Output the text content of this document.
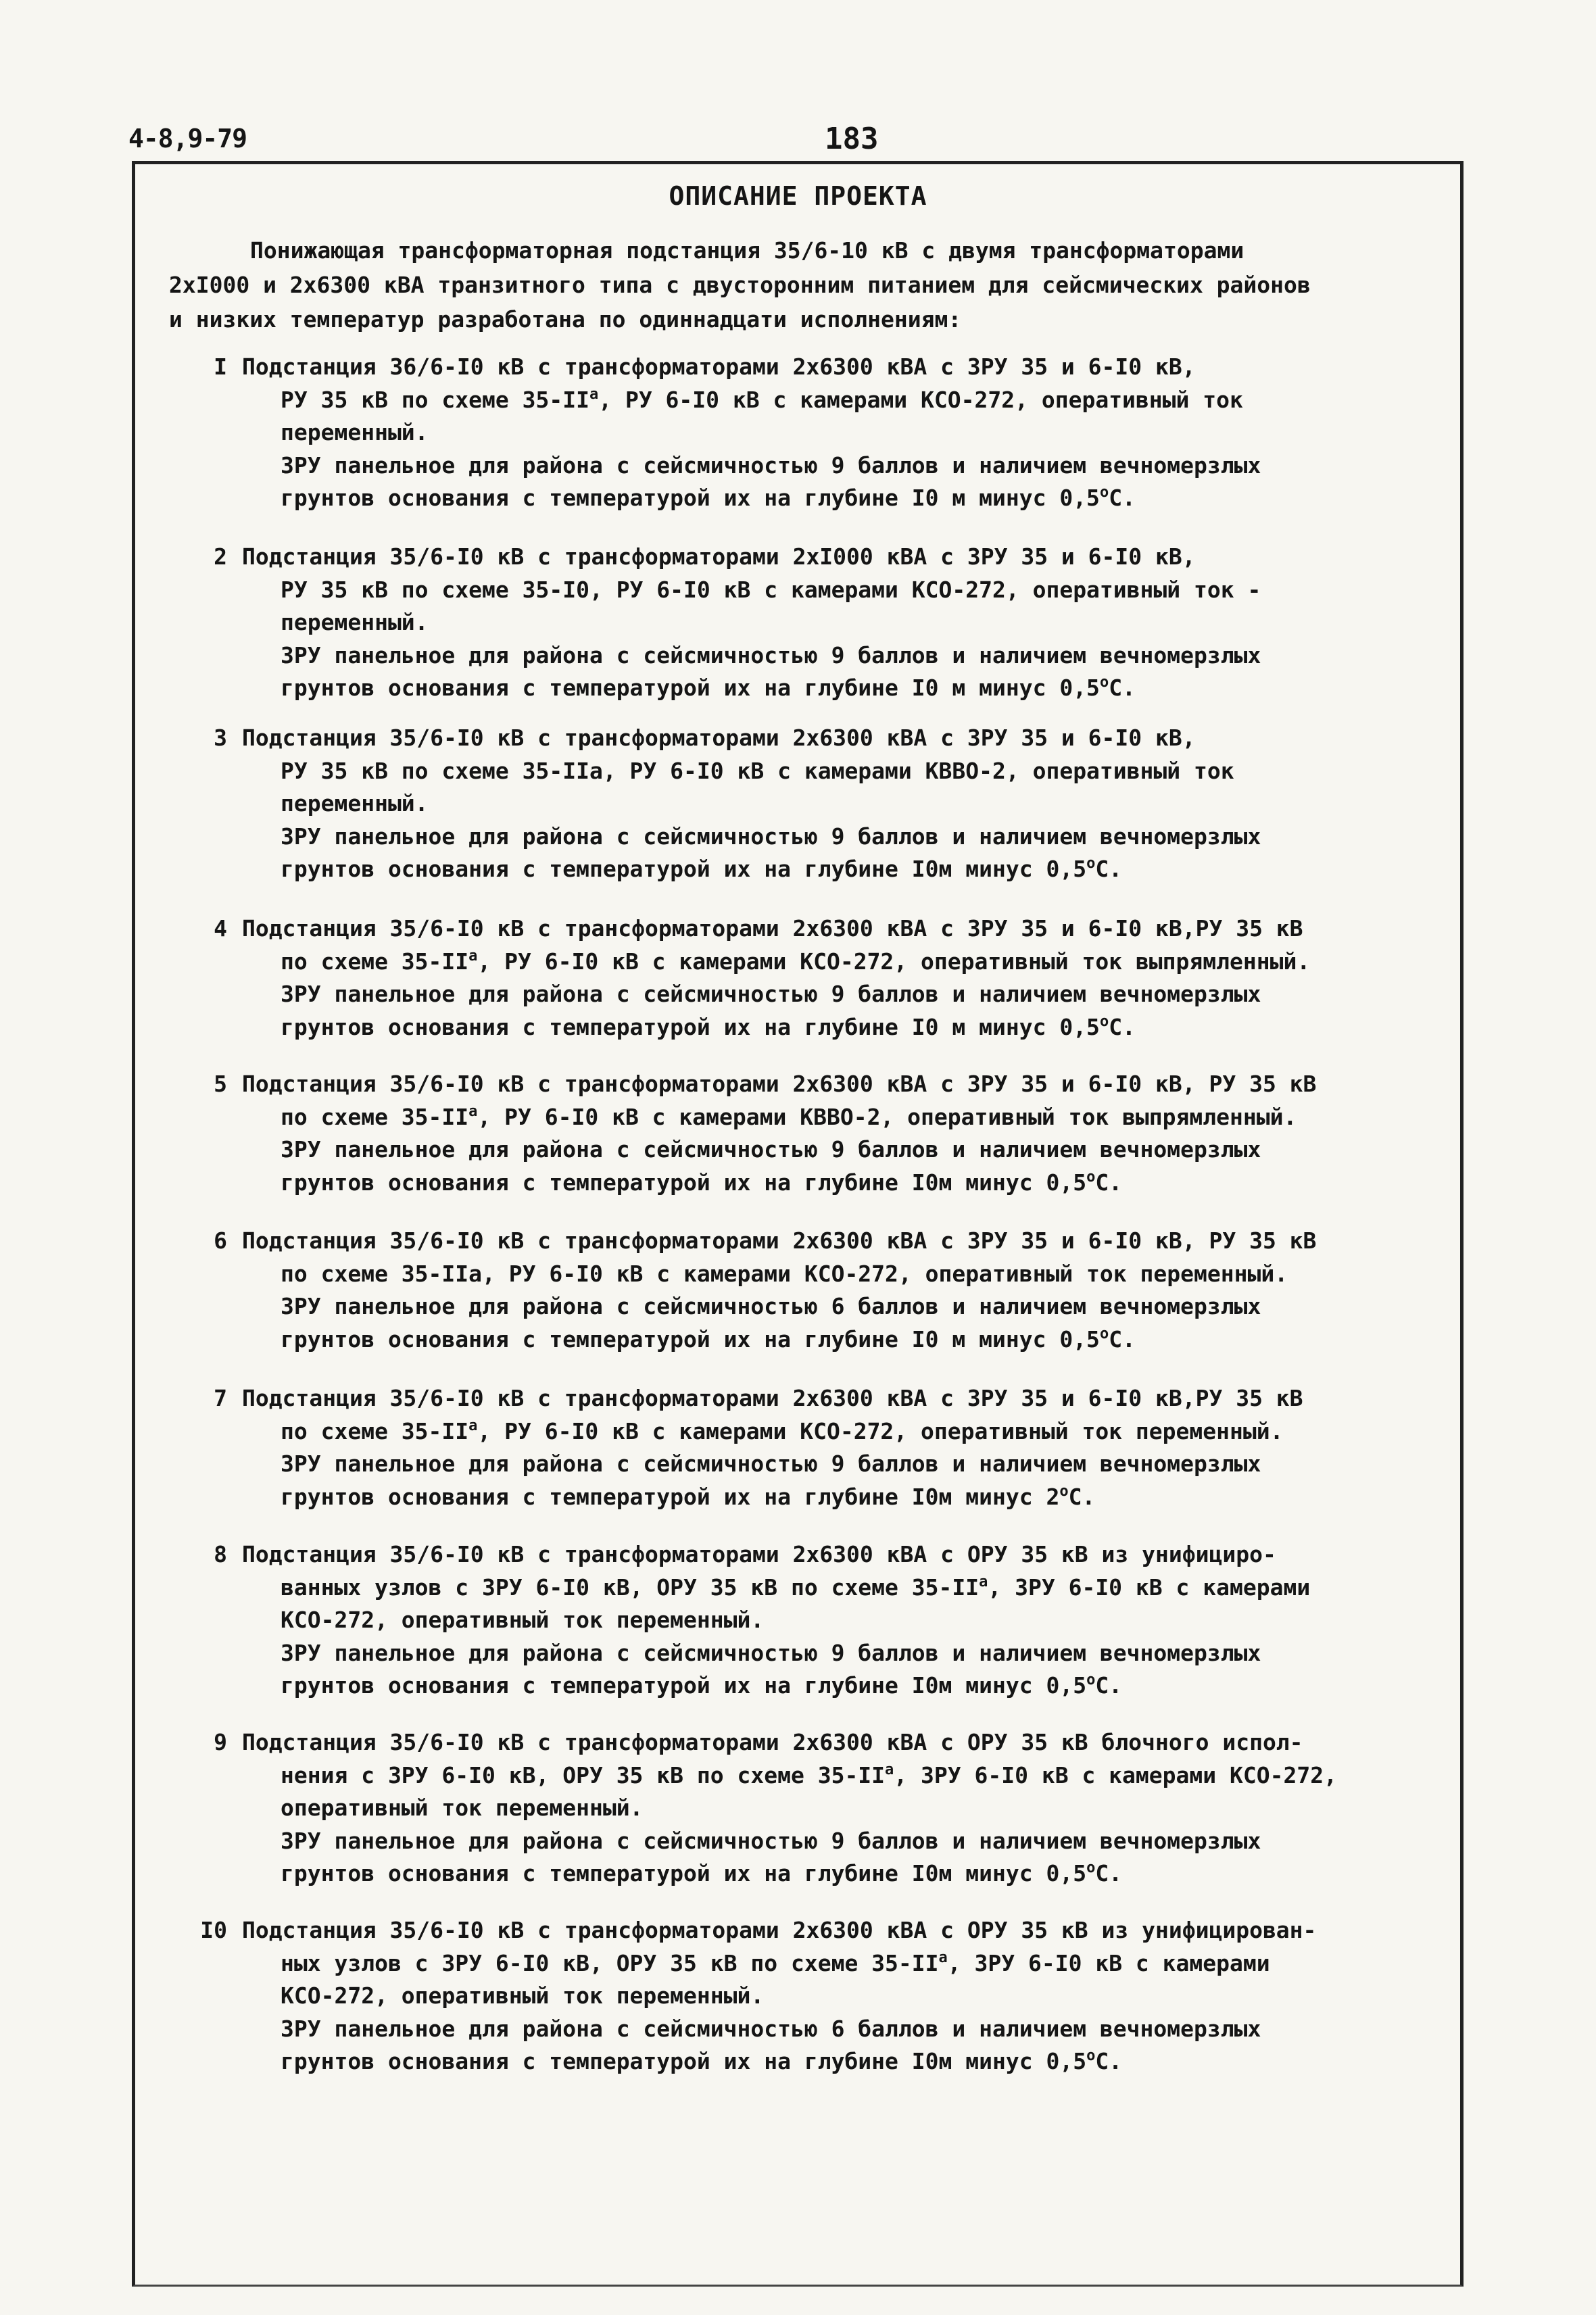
4-8,9-79	183
ОПИСАНИЕ ПРОЕКТА

Понижающая трансформаторная подстанция 35/6-10 кВ с двумя трансформаторами
2хI000 и 2х6300 кВА транзитного типа с двусторонним питанием для сейсмических районов
и низких температур разработана по одиннадцати исполнениям:

I Подстанция 36/6-I0 кВ с трансформаторами 2х6300 кВА с ЗРУ 35 и 6-I0 кВ,
РУ 35 кВ по схеме $35-II^a$, РУ 6-I0 кВ с камерами КСО-272, оперативный ток
переменный.
ЗРУ панельное для района с сейсмичностью 9 баллов и наличием вечномерзлых
грунтов основания с температурой их на глубине I0 м минус $0,5^оС$.
2 Подстанция 35/6-I0 кВ с трансформаторами 2хI000 кВА с ЗРУ 35 и 6-I0 кВ,
РУ 35 кВ по схеме 35-I0, РУ 6-I0 кВ с камерами КСО-272, оперативный ток -
переменный.
ЗРУ панельное для района с сейсмичностью 9 баллов и наличием вечномерзлых
грунтов основания с температурой их на глубине I0 м минус $0,5^оС$.
3 Подстанция 35/6-I0 кВ с трансформаторами 2х6300 кВА с ЗРУ 35 и 6-I0 кВ,
РУ 35 кВ по схеме 35-IIа, РУ 6-I0 кВ с камерами КВВО-2, оперативный ток
переменный.
ЗРУ панельное для района с сейсмичностью 9 баллов и наличием вечномерзлых
грунтов основания с температурой их на глубине I0м минус $0,5^оС$.
4 Подстанция 35/6-I0 кВ с трансформаторами 2х6300 кВА с ЗРУ 35 и 6-I0 кВ,РУ 35 кВ
по схеме $35-II^а$, РУ 6-I0 кВ с камерами КСО-272, оперативный ток выпрямленный.
ЗРУ панельное для района с сейсмичностью 9 баллов и наличием вечномерзлых
грунтов основания с температурой их на глубине I0 м минус $0,5^оС$.
5 Подстанция 35/6-I0 кВ с трансформаторами 2х6300 кВА с ЗРУ 35 и 6-I0 кВ, РУ 35 кВ
по схеме $35-II^а$, РУ 6-I0 кВ с камерами КВВО-2, оперативный ток выпрямленный.
ЗРУ панельное для района с сейсмичностью 9 баллов и наличием вечномерзлых
грунтов основания с температурой их на глубине I0м минус $0,5^оС$.
6 Подстанция 35/6-I0 кВ с трансформаторами 2х6300 кВА с ЗРУ 35 и 6-I0 кВ, РУ 35 кВ
по схеме 35-IIа, РУ 6-I0 кВ с камерами КСО-272, оперативный ток переменный.
ЗРУ панельное для района с сейсмичностью 6 баллов и наличием вечномерзлых
грунтов основания с температурой их на глубине I0 м минус $0,5^оС$.
7 Подстанция 35/6-I0 кВ с трансформаторами 2х6300 кВА с ЗРУ 35 и 6-I0 кВ,РУ 35 кВ
по схеме $35-II^а$, РУ 6-I0 кВ с камерами КСО-272, оперативный ток переменный.
ЗРУ панельное для района с сейсмичностью 9 баллов и наличием вечномерзлых
грунтов основания с температурой их на глубине I0м минус $2^оС$.
8 Подстанция 35/6-I0 кВ с трансформаторами 2х6300 кВА с ОРУ 35 кВ из унифициро-
ванных узлов с ЗРУ 6-I0 кВ, ОРУ 35 кВ по схеме $35-II^а$, ЗРУ 6-I0 кВ с камерами
КСО-272, оперативный ток переменный.
ЗРУ панельное для района с сейсмичностью 9 баллов и наличием вечномерзлых
грунтов основания с температурой их на глубине I0м минус $0,5^оС$.
9 Подстанция 35/6-I0 кВ с трансформаторами 2х6300 кВА с ОРУ 35 кВ блочного испол-
нения с ЗРУ 6-I0 кВ, ОРУ 35 кВ по схеме $35-II^а$, ЗРУ 6-I0 кВ с камерами КСО-272,
оперативный ток переменный.
ЗРУ панельное для района с сейсмичностью 9 баллов и наличием вечномерзлых
грунтов основания с температурой их на глубине I0м минус $0,5^оС$.
I0 Подстанция 35/6-I0 кВ с трансформаторами 2х6300 кВА с ОРУ 35 кВ из унифицирован-
ных узлов с ЗРУ 6-I0 кВ, ОРУ 35 кВ по схеме $35-II^а$, ЗРУ 6-I0 кВ с камерами
КСО-272, оперативный ток переменный.
ЗРУ панельное для района с сейсмичностью 6 баллов и наличием вечномерзлых
грунтов основания с температурой их на глубине I0м минус $0,5^оС$.
